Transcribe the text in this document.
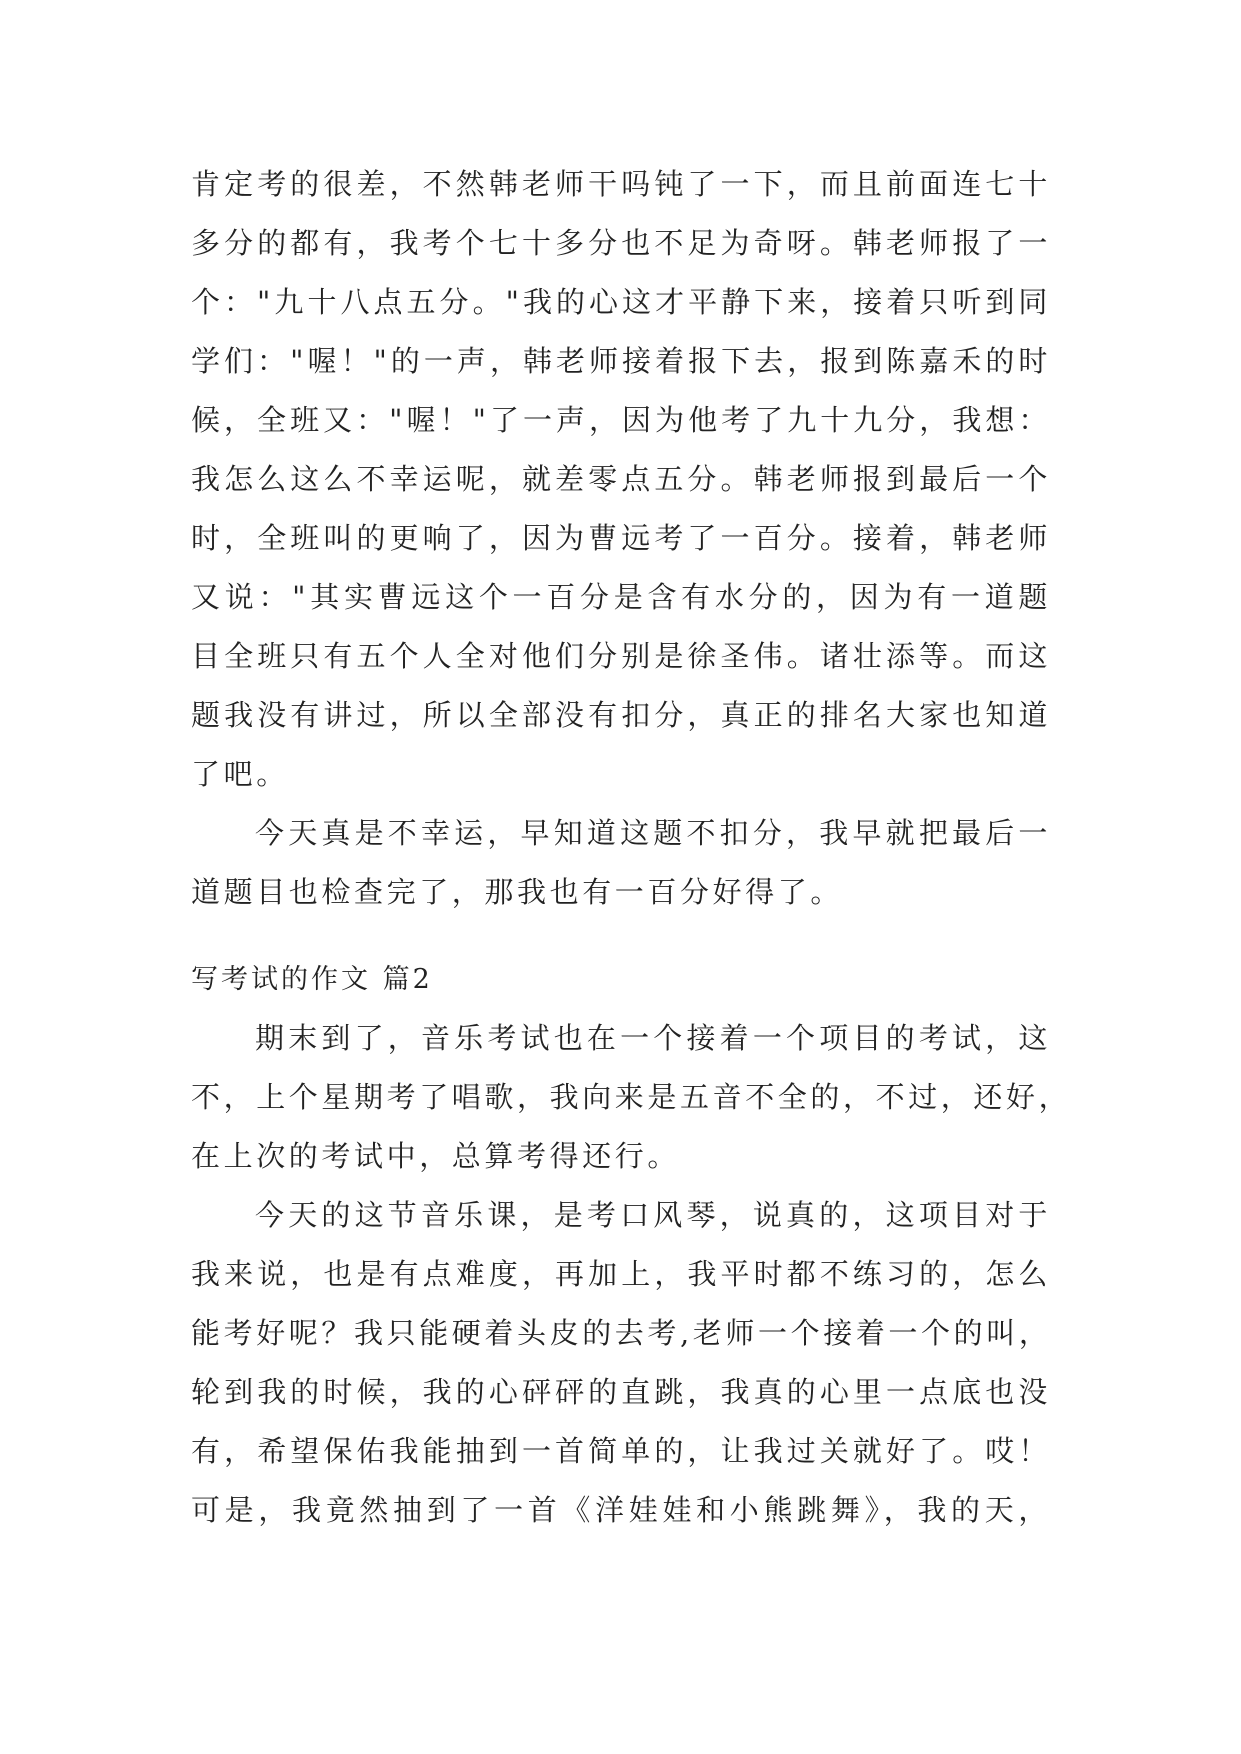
肯定考的很差，不然韩老师干吗钝了一下，而且前面连七十
多分的都有，我考个七十多分也不足为奇呀。韩老师报了一
个："九十八点五分。"我的心这才平静下来，接着只听到同
学们："喔！"的一声，韩老师接着报下去，报到陈嘉禾的时
候，全班又："喔！"了一声，因为他考了九十九分，我想：
我怎么这么不幸运呢，就差零点五分。韩老师报到最后一个
时，全班叫的更响了，因为曹远考了一百分。接着，韩老师
又说："其实曹远这个一百分是含有水分的，因为有一道题
目全班只有五个人全对他们分别是徐圣伟。诸壮添等。而这
题我没有讲过，所以全部没有扣分，真正的排名大家也知道
了吧。
今天真是不幸运，早知道这题不扣分，我早就把最后一
道题目也检查完了，那我也有一百分好得了。
写考试的作文 篇2
期末到了，音乐考试也在一个接着一个项目的考试，这
不，上个星期考了唱歌，我向来是五音不全的，不过，还好，
在上次的考试中，总算考得还行。
今天的这节音乐课，是考口风琴，说真的，这项目对于
我来说，也是有点难度，再加上，我平时都不练习的，怎么
能考好呢？我只能硬着头皮的去考,老师一个接着一个的叫，
轮到我的时候，我的心砰砰的直跳，我真的心里一点底也没
有，希望保佑我能抽到一首简单的，让我过关就好了。哎！
可是，我竟然抽到了一首《洋娃娃和小熊跳舞》，我的天，
